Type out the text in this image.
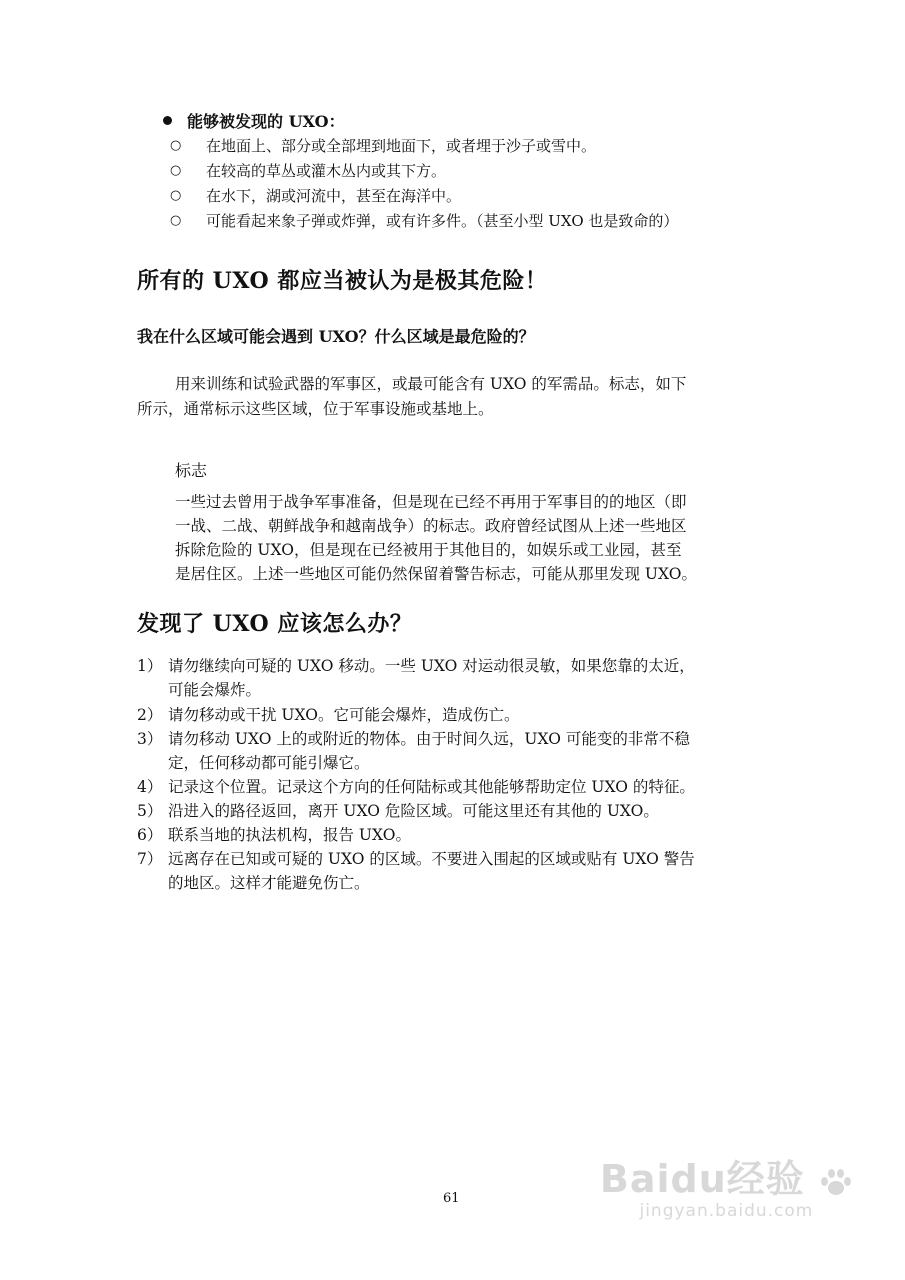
能够被发现的 UXO：
○ 在地面上、部分或全部埋到地面下，或者埋于沙子或雪中。
○ 在较高的草丛或灌木丛内或其下方。
○ 在水下，湖或河流中，甚至在海洋中。
○ 可能看起来象子弹或炸弹，或有许多件。（甚至小型 UXO 也是致命的）
所有的 UXO 都应当被认为是极其危险！
我在什么区域可能会遇到 UXO？什么区域是最危险的？
用来训练和试验武器的军事区，或最可能含有 UXO 的军需品。标志，如下
所示，通常标示这些区域，位于军事设施或基地上。
标志
一些过去曾用于战争军事准备，但是现在已经不再用于军事目的的地区（即
一战、二战、朝鲜战争和越南战争）的标志。政府曾经试图从上述一些地区
拆除危险的 UXO，但是现在已经被用于其他目的，如娱乐或工业园，甚至
是居住区。上述一些地区可能仍然保留着警告标志，可能从那里发现 UXO。
发现了 UXO 应该怎么办？
1） 请勿继续向可疑的 UXO 移动。一些 UXO 对运动很灵敏，如果您靠的太近，
可能会爆炸。
2） 请勿移动或干扰 UXO。它可能会爆炸，造成伤亡。
3） 请勿移动 UXO 上的或附近的物体。由于时间久远，UXO 可能变的非常不稳
定，任何移动都可能引爆它。
4） 记录这个位置。记录这个方向的任何陆标或其他能够帮助定位 UXO 的特征。
5） 沿进入的路径返回，离开 UXO 危险区域。可能这里还有其他的 UXO。
6） 联系当地的执法机构，报告 UXO。
7） 远离存在已知或可疑的 UXO 的区域。不要进入围起的区域或贴有 UXO 警告
的地区。这样才能避免伤亡。
61	Baidu经验
jingyan.baidu.com
